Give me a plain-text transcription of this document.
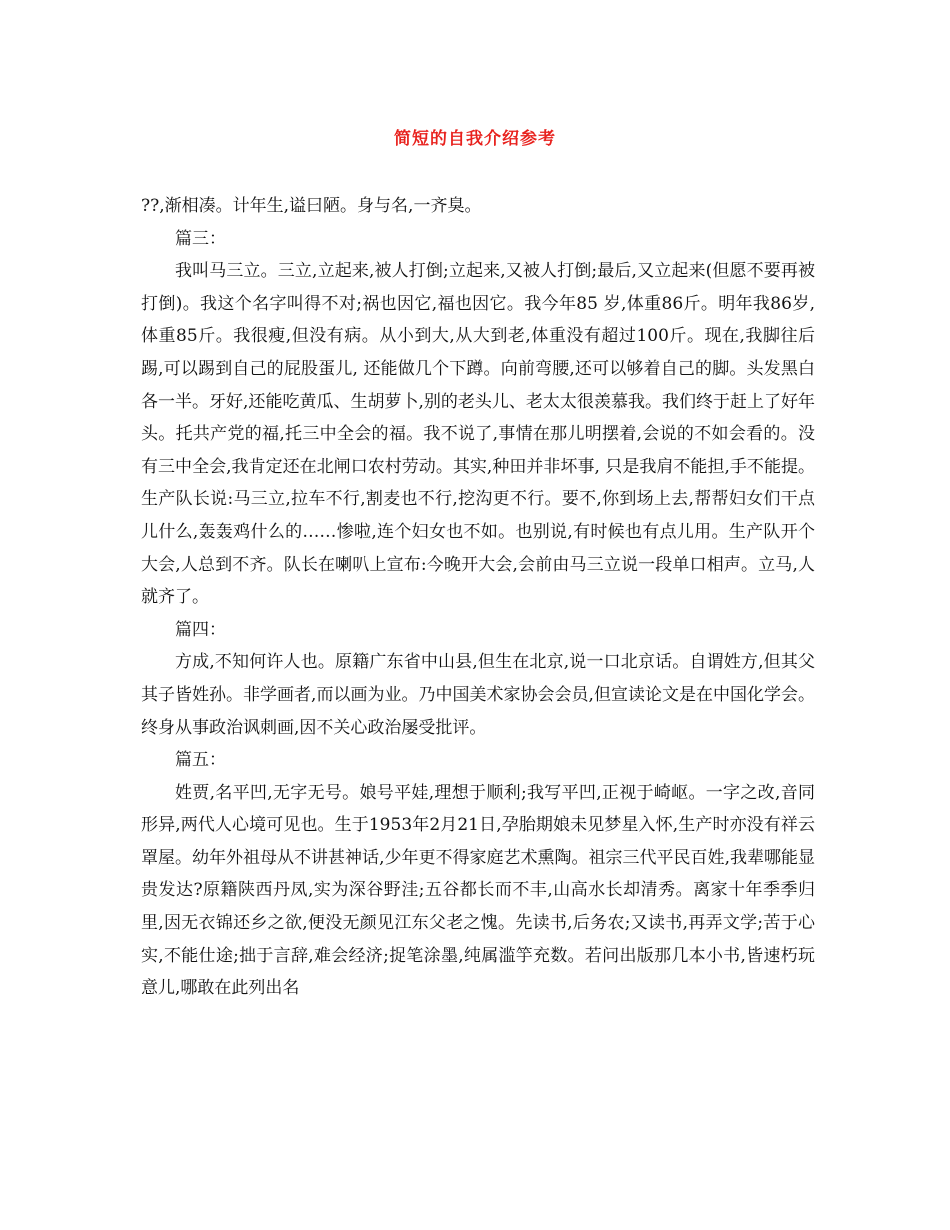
简短的自我介绍参考

??,渐相凑。计年生,谥曰陋。身与名,一齐臭。

篇三：

我叫马三立。三立,立起来,被人打倒;立起来,又被人打倒;最后,又立起来(但愿不要再被打倒)。我这个名字叫得不对;祸也因它,福也因它。我今年85 岁,体重86斤。明年我86岁,体重85斤。我很瘦,但没有病。从小到大,从大到老,体重没有超过100斤。现在,我脚往后踢,可以踢到自己的屁股蛋儿, 还能做几个下蹲。向前弯腰,还可以够着自己的脚。头发黑白各一半。牙好,还能吃黄瓜、生胡萝卜,别的老头儿、老太太很羡慕我。我们终于赶上了好年头。托共产党的福,托三中全会的福。我不说了,事情在那儿明摆着,会说的不如会看的。没有三中全会,我肯定还在北闸口农村劳动。其实,种田并非坏事, 只是我肩不能担,手不能提。生产队长说:马三立,拉车不行,割麦也不行,挖沟更不行。要不,你到场上去,帮帮妇女们干点儿什么,轰轰鸡什么的……惨啦,连个妇女也不如。也别说,有时候也有点儿用。生产队开个大会,人总到不齐。队长在喇叭上宣布:今晚开大会,会前由马三立说一段单口相声。立马,人就齐了。

篇四：

方成,不知何许人也。原籍广东省中山县,但生在北京,说一口北京话。自谓姓方,但其父其子皆姓孙。非学画者,而以画为业。乃中国美术家协会会员,但宣读论文是在中国化学会。终身从事政治讽刺画,因不关心政治屡受批评。

篇五：

姓贾,名平凹,无字无号。娘号平娃,理想于顺利;我写平凹,正视于崎岖。一字之改,音同形异,两代人心境可见也。生于1953年2月21日,孕胎期娘未见梦星入怀,生产时亦没有祥云罩屋。幼年外祖母从不讲甚神话,少年更不得家庭艺术熏陶。祖宗三代平民百姓,我辈哪能显贵发达?原籍陕西丹凤,实为深谷野洼;五谷都长而不丰,山高水长却清秀。离家十年季季归里,因无衣锦还乡之欲,便没无颜见江东父老之愧。先读书,后务农;又读书,再弄文学;苦于心实,不能仕途;拙于言辞,难会经济;捉笔涂墨,纯属滥竽充数。若问出版那几本小书,皆速朽玩意儿,哪敢在此列出名
